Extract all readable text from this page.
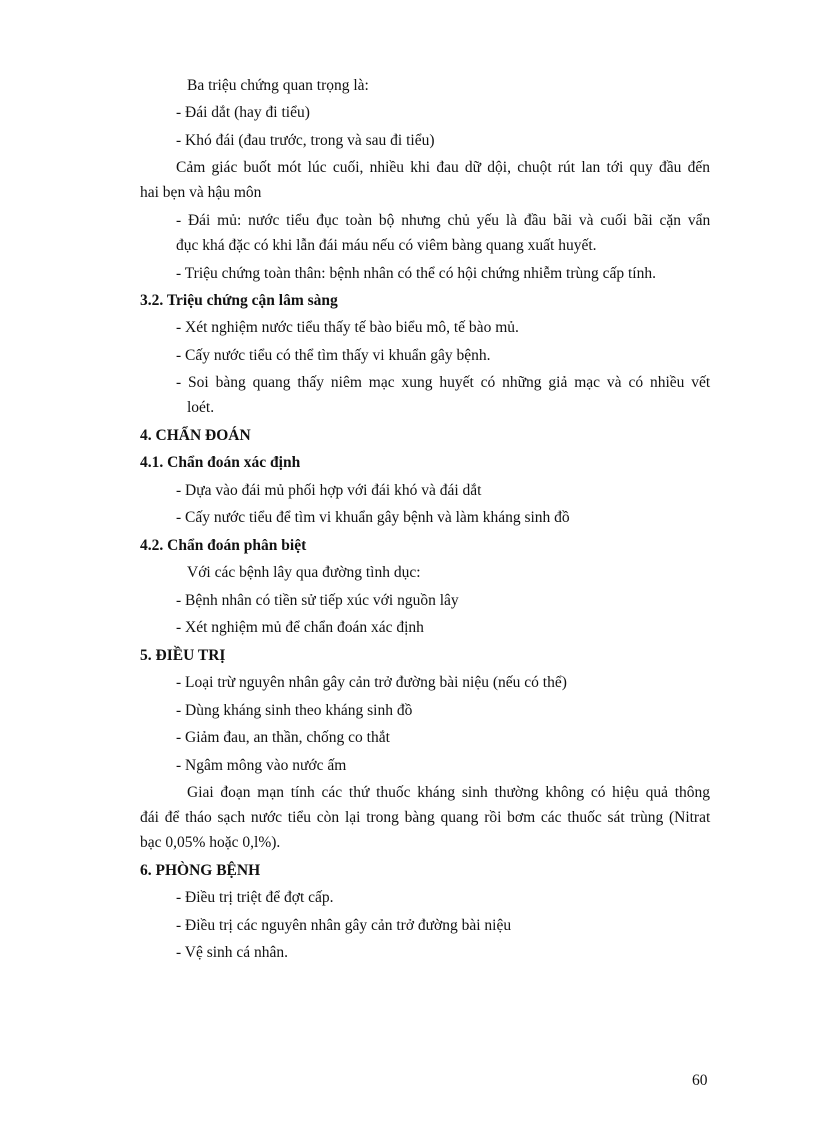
Ba triệu chứng quan trọng là:

- Đái dắt (hay đi tiểu)

- Khó đái (đau trước, trong và sau đi tiểu)

Cảm giác buốt mót lúc cuối, nhiều khi đau dữ dội, chuột rút lan tới quy đầu đến

hai bẹn và hậu môn

- Đái mủ: nước tiểu đục toàn bộ nhưng chủ yếu là đầu bãi và cuối bãi cặn vẩn

đục khá đặc có khi lẫn đái máu nếu có viêm bàng quang xuất huyết.

- Triệu chứng toàn thân: bệnh nhân có thể có hội chứng nhiễm trùng cấp tính.

3.2. Triệu chứng cận lâm sàng

- Xét nghiệm nước tiểu thấy tế bào biểu mô, tế bào mủ.

- Cấy nước tiểu có thể tìm thấy vi khuẩn gây bệnh.

- Soi bàng quang thấy niêm mạc xung huyết có những giả mạc và có nhiều vết

loét.

4. CHẨN ĐOÁN

4.1. Chẩn đoán xác định

- Dựa vào đái mủ phối hợp với đái khó và đái dắt

- Cấy nước tiểu để tìm vi khuẩn gây bệnh và làm kháng sinh đồ

4.2. Chẩn đoán phân biệt

Với các bệnh lây qua đường tình dục:

- Bệnh nhân có tiền sử tiếp xúc với nguồn lây

- Xét nghiệm mủ để chẩn đoán xác định

5. ĐIỀU TRỊ

- Loại trừ nguyên nhân gây cản trở đường bài niệu (nếu có thể)

- Dùng kháng sinh theo kháng sinh đồ

- Giảm đau, an thần, chống co thắt

- Ngâm mông vào nước ấm

Giai đoạn mạn tính các thứ thuốc kháng sinh thường không có hiệu quả thông

đái để tháo sạch nước tiểu còn lại trong bàng quang rồi bơm các thuốc sát trùng (Nitrat

bạc 0,05% hoặc 0,l%).

6. PHÒNG BỆNH

- Điều trị triệt để đợt cấp.

- Điều trị các nguyên nhân gây cản trở đường bài niệu

- Vệ sinh cá nhân.

60
